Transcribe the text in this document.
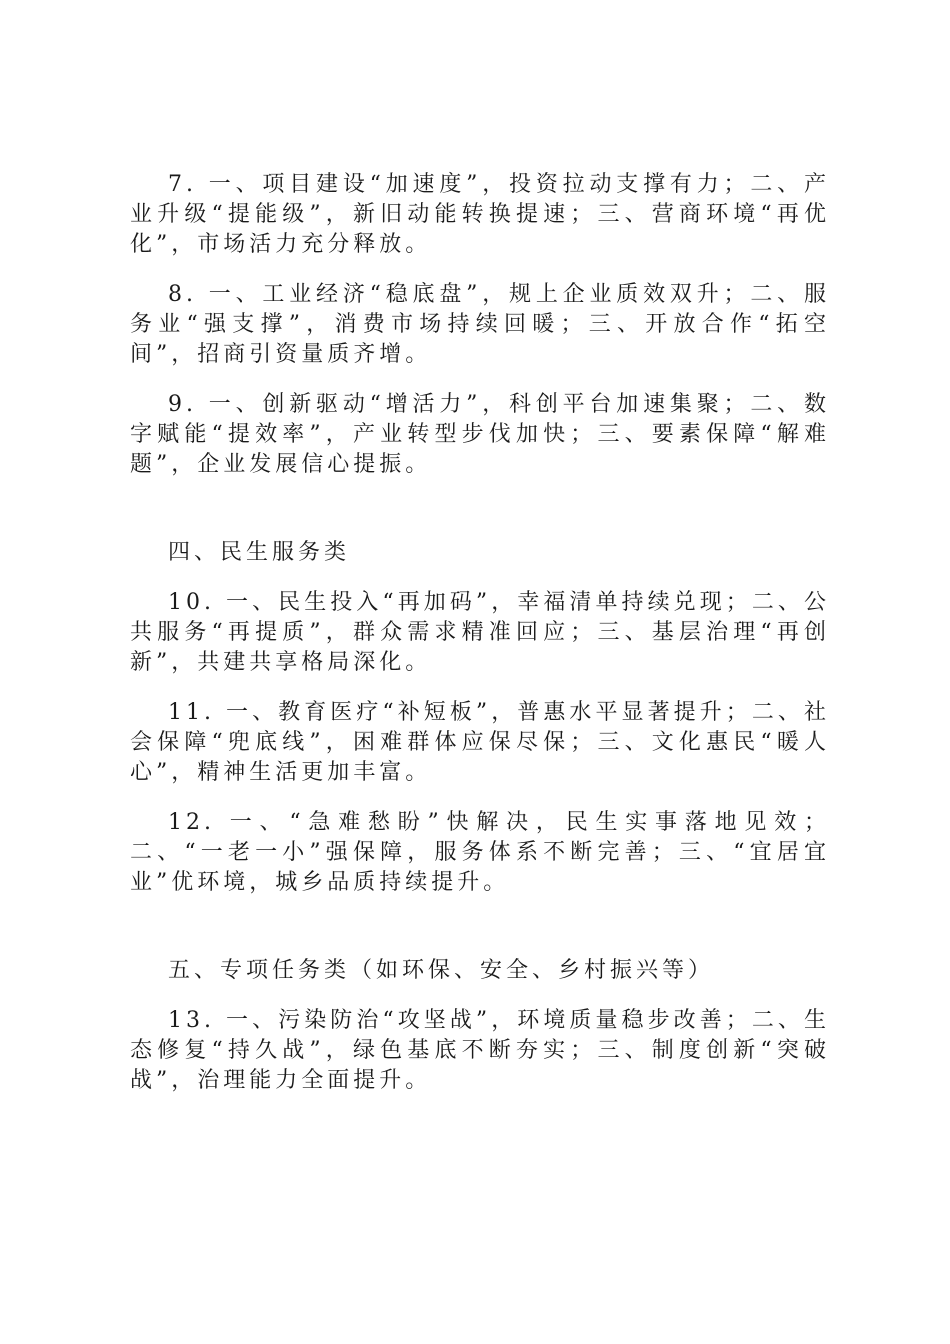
7. 一、项目建设“加速度”，投资拉动支撑有力；二、产业升级“提能级”，新旧动能转换提速；三、营商环境“再优化”，市场活力充分释放。

8. 一、工业经济“稳底盘”，规上企业质效双升；二、服务业“强支撑”，消费市场持续回暖；三、开放合作“拓空间”，招商引资量质齐增。

9. 一、创新驱动“增活力”，科创平台加速集聚；二、数字赋能“提效率”，产业转型步伐加快；三、要素保障“解难题”，企业发展信心提振。

四、民生服务类

10. 一、民生投入“再加码”，幸福清单持续兑现；二、公共服务“再提质”，群众需求精准回应；三、基层治理“再创新”，共建共享格局深化。

11. 一、教育医疗“补短板”，普惠水平显著提升；二、社会保障“兜底线”，困难群体应保尽保；三、文化惠民“暖人心”，精神生活更加丰富。

12. 一、“急难愁盼”快解决，民生实事落地见效；二、“一老一小”强保障，服务体系不断完善；三、“宜居宜业”优环境，城乡品质持续提升。

五、专项任务类（如环保、安全、乡村振兴等）

13. 一、污染防治“攻坚战”，环境质量稳步改善；二、生态修复“持久战”，绿色基底不断夯实；三、制度创新“突破战”，治理能力全面提升。
